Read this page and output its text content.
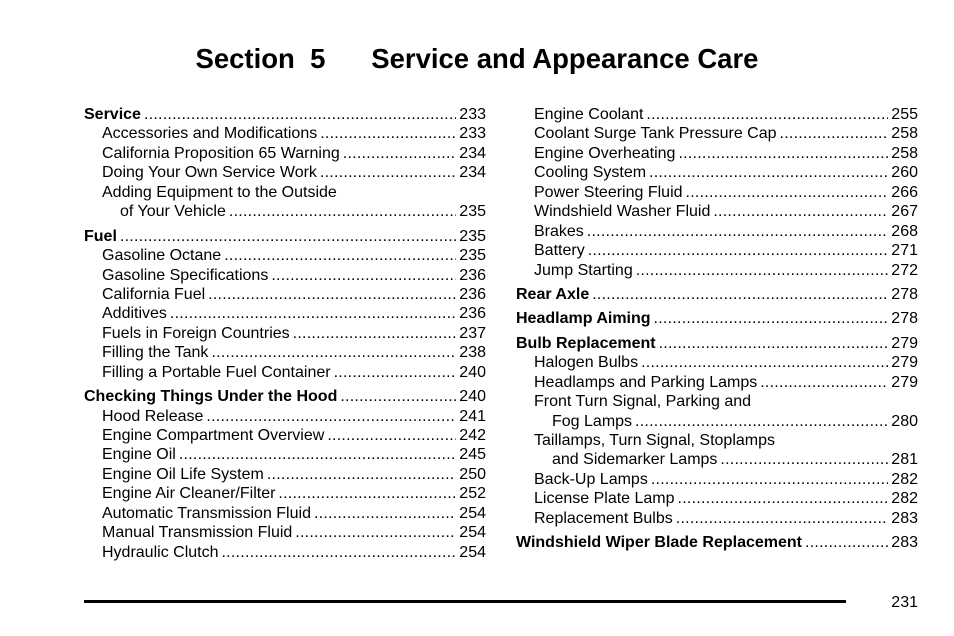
Section  5      Service and Appearance Care
Service . . .	233
Accessories and Modifications . . .	233
California Proposition 65 Warning . . .	234
Doing Your Own Service Work . . .	234
Adding Equipment to the Outside
of Your Vehicle . . .	235
Fuel . . .	235
Gasoline Octane . . .	235
Gasoline Specifications . . .	236
California Fuel . . .	236
Additives . . .	236
Fuels in Foreign Countries . . .	237
Filling the Tank . . .	238
Filling a Portable Fuel Container . . .	240
Checking Things Under the Hood . . .	240
Hood Release . . .	241
Engine Compartment Overview . . .	242
Engine Oil . . .	245
Engine Oil Life System . . .	250
Engine Air Cleaner/Filter . . .	252
Automatic Transmission Fluid . . .	254
Manual Transmission Fluid . . .	254
Hydraulic Clutch . . .	254
Engine Coolant . . .	255
Coolant Surge Tank Pressure Cap . . .	258
Engine Overheating . . .	258
Cooling System . . .	260
Power Steering Fluid . . .	266
Windshield Washer Fluid . . .	267
Brakes . . .	268
Battery . . .	271
Jump Starting . . .	272
Rear Axle . . .	278
Headlamp Aiming . . .	278
Bulb Replacement . . .	279
Halogen Bulbs . . .	279
Headlamps and Parking Lamps . . .	279
Front Turn Signal, Parking and
Fog Lamps . . .	280
Taillamps, Turn Signal, Stoplamps
and Sidemarker Lamps . . .	281
Back-Up Lamps . . .	282
License Plate Lamp . . .	282
Replacement Bulbs . . .	283
Windshield Wiper Blade Replacement . . .	283
231
